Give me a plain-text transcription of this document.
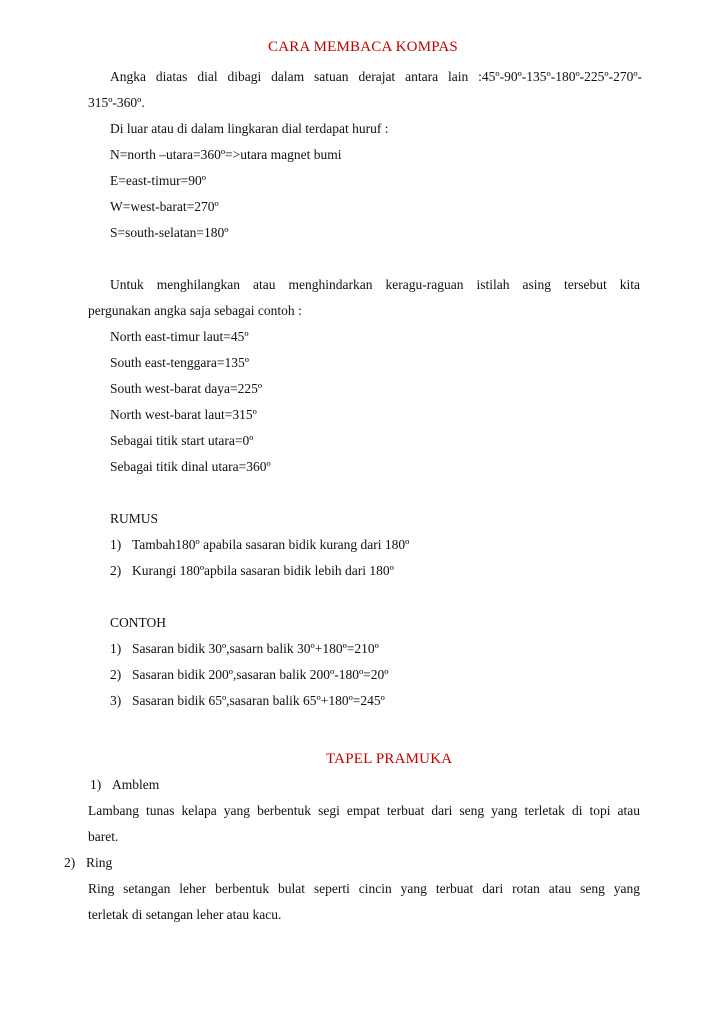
CARA MEMBACA KOMPAS
Angka diatas dial dibagi dalam satuan derajat antara lain :45º-90º-135º-180º-225º-270º-
315º-360º.
Di luar atau di dalam lingkaran dial terdapat huruf :
N=north –utara=360º=>utara magnet bumi
E=east-timur=90º
W=west-barat=270º
S=south-selatan=180º
Untuk menghilangkan atau menghindarkan keragu-raguan istilah asing tersebut kita
pergunakan angka saja sebagai contoh :
North east-timur laut=45º
South east-tenggara=135º
South west-barat daya=225º
North west-barat laut=315º
Sebagai titik start utara=0º
Sebagai titik dinal utara=360º
RUMUS
1) Tambah180º apabila sasaran bidik kurang dari 180º
2) Kurangi 180ºapbila sasaran bidik lebih dari 180º
CONTOH
1) Sasaran bidik 30º,sasarn balik 30º+180º=210º
2) Sasaran bidik 200º,sasaran balik 200º-180º=20º
3) Sasaran bidik 65º,sasaran balik 65º+180º=245º
TAPEL PRAMUKA
1) Amblem
Lambang tunas kelapa yang berbentuk segi empat terbuat dari seng yang terletak di topi atau
baret.
2) Ring
Ring setangan leher berbentuk bulat seperti cincin yang terbuat dari rotan atau seng yang
terletak di setangan leher atau kacu.
